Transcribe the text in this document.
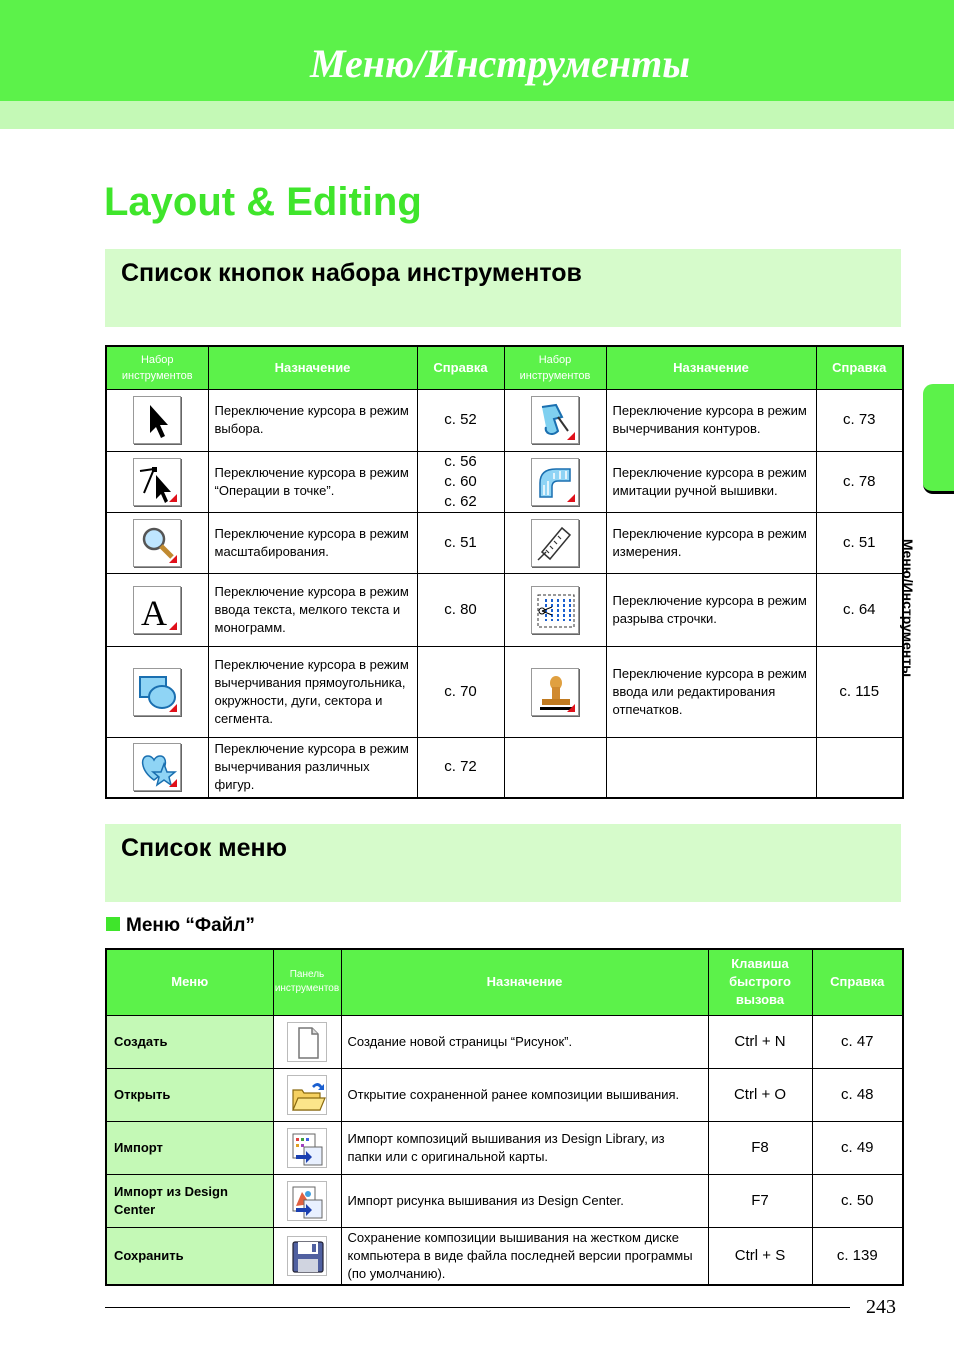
Меню/Инструменты
Меню/Инструменты
Layout & Editing
Список кнопок набора инструментов
Набор инструментов	Назначение	Справка	Набор инструментов	Назначение	Справка

	Переключение курсора в режим выбора.	с. 52		Переключение курсора в режим вычерчивания контуров.	с. 73

	Переключение курсора в режим “Операции в точке”.	с. 56
с. 60
с. 62		Переключение курсора в режим имитации ручной вышивки.	с. 78

	Переключение курсора в режим масштабирования.	с. 51		Переключение курсора в режим измерения.	с. 51

A	Переключение курсора в режим ввода текста, мелкого текста и монограмм.	с. 80		Переключение курсора в режим разрыва строчки.	с. 64

	Переключение курсора в режим вычерчивания прямоугольника, окружности, дуги, сектора и сегмента.	с. 70		Переключение курсора в режим ввода или редактирования отпечатков.	с. 115

	Переключение курсора в режим вычерчивания различных фигур.	с. 72			
Список меню
Меню “Файл”
Меню	Панель инструментов	Назначение	Клавиша быстрого вызова	Справка
Создать		Создание новой страницы “Рисунок”.	Ctrl + N	с. 47
Открыть		Открытие сохраненной ранее композиции вышивания.	Ctrl + O	с. 48
Импорт		Импорт композиций вышивания из Design Library, из папки или с оригинальной карты.	F8	с. 49
Импорт из Design Center		Импорт рисунка вышивания из Design Center.	F7	с. 50
Сохранить		Сохранение композиции вышивания на жестком диске компьютера в виде файла последней версии программы (по умолчанию).	Ctrl + S	с. 139
243
